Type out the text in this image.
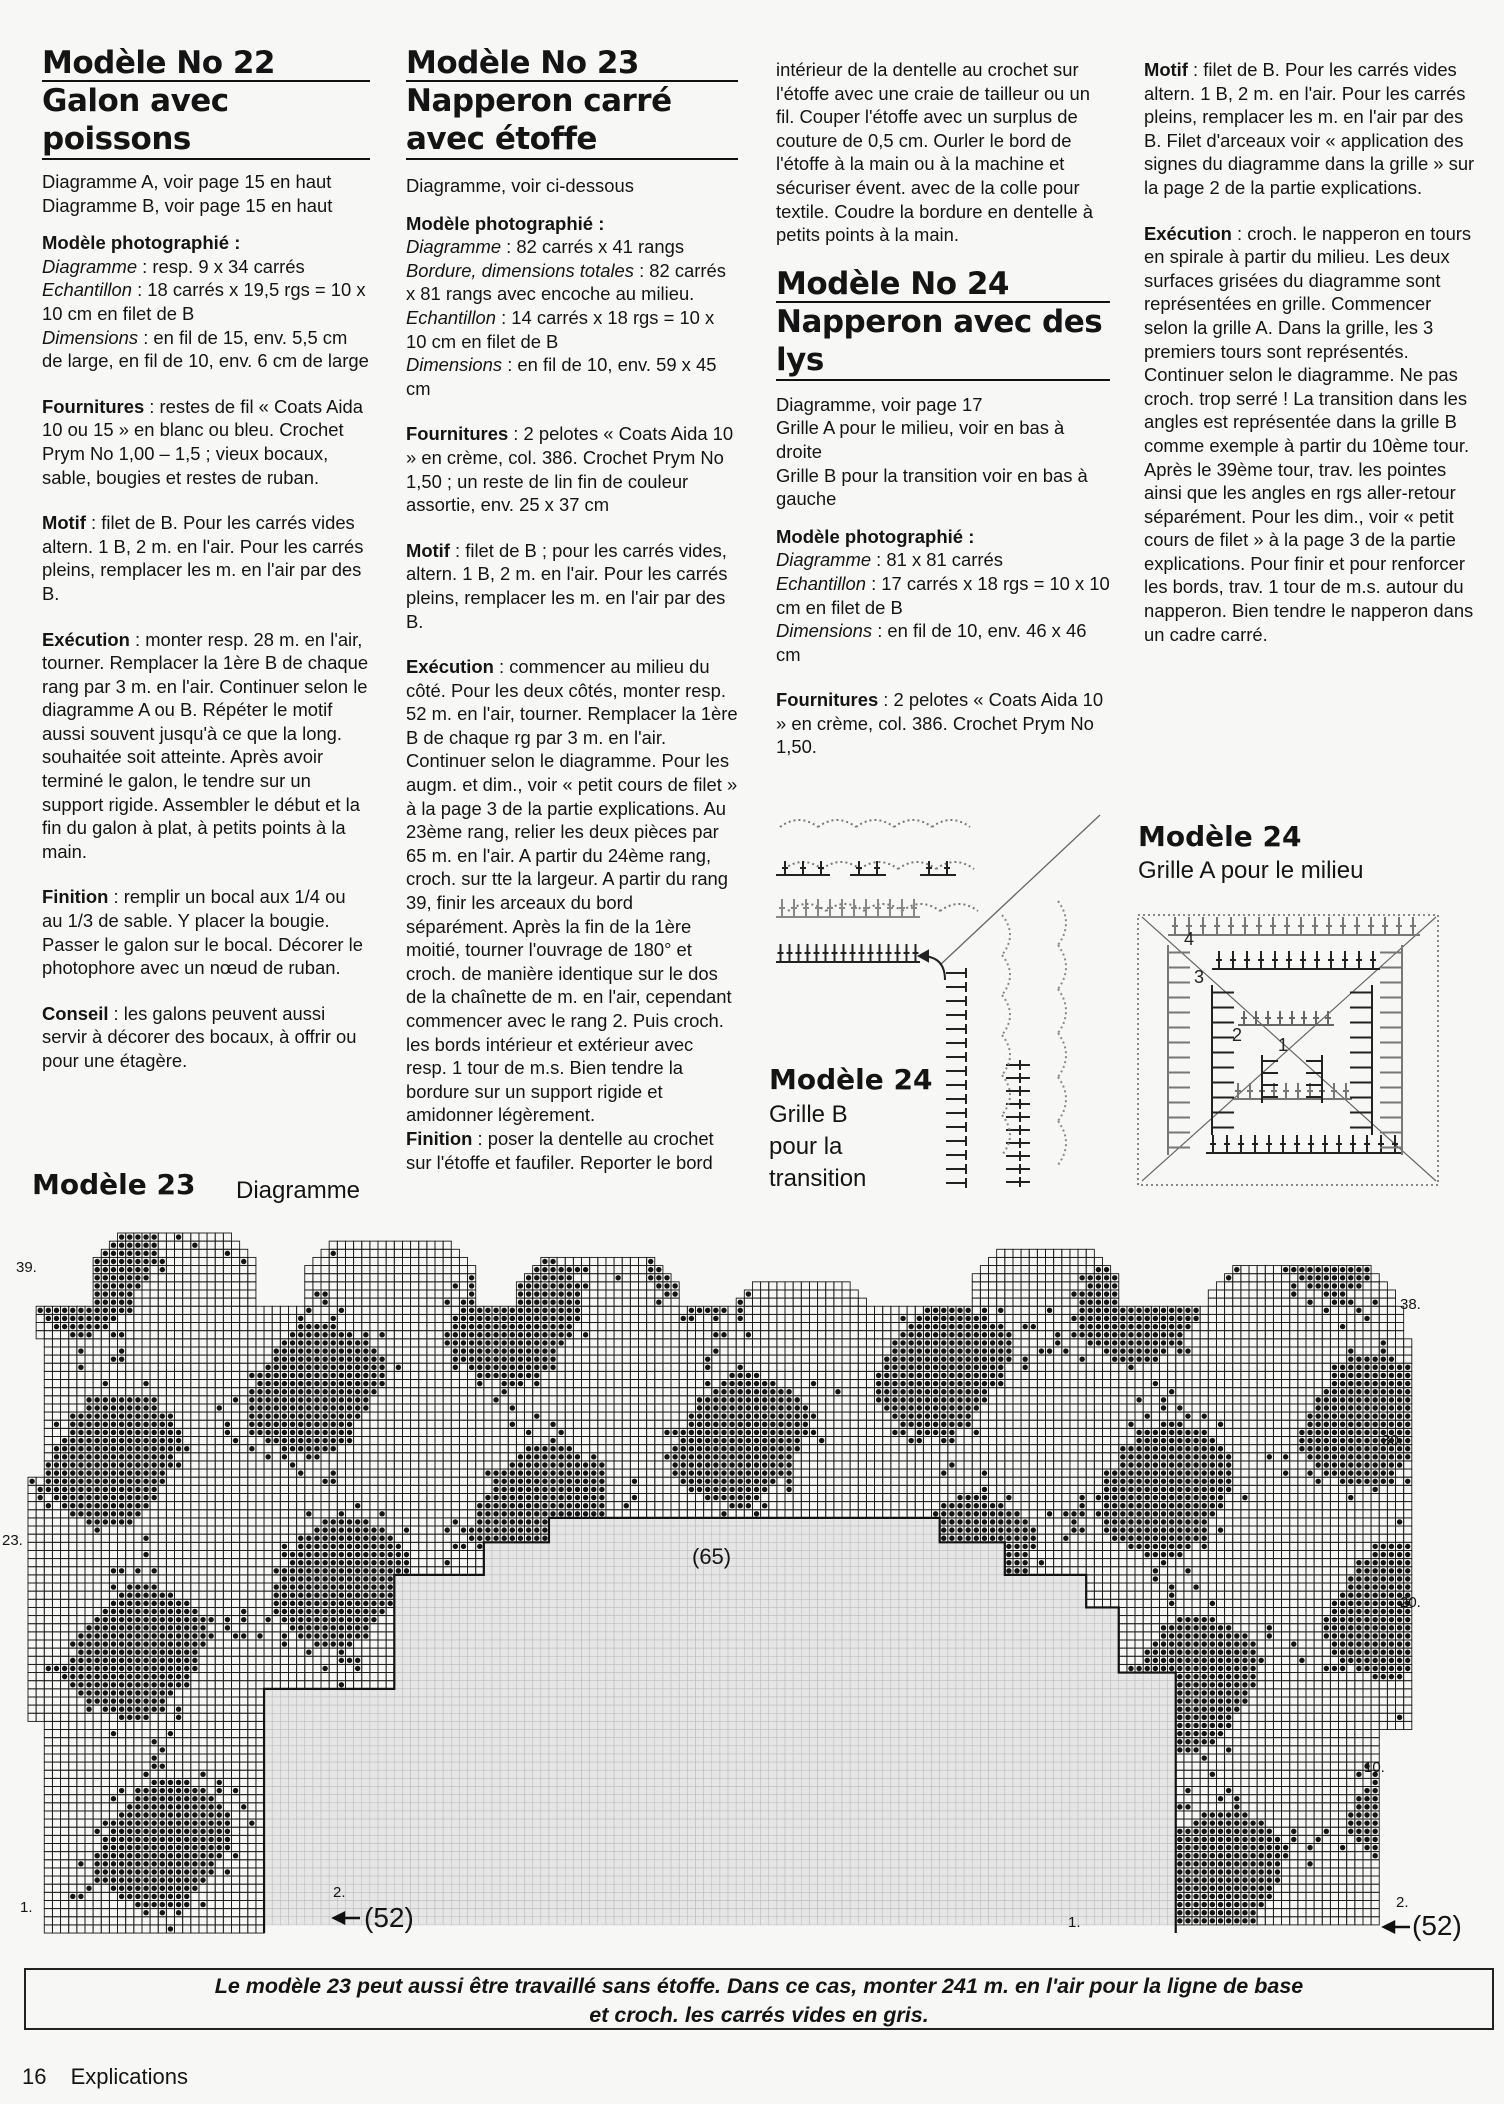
Modèle No 22
Galon avec poissons
Diagramme A, voir page 15 en haut
Diagramme B, voir page 15 en haut
Modèle photographié :
Diagramme : resp. 9 x 34 carrés
Echantillon : 18 carrés x 19,5 rgs = 10 x 10 cm en filet de B
Dimensions : en fil de 15, env. 5,5 cm de large, en fil de 10, env. 6 cm de large
Fournitures : restes de fil « Coats Aida 10 ou 15 » en blanc ou bleu. Crochet Prym No 1,00 – 1,5 ; vieux bocaux, sable, bougies et restes de ruban.
Motif : filet de B. Pour les carrés vides altern. 1 B, 2 m. en l'air. Pour les carrés pleins, remplacer les m. en l'air par des B.
Exécution : monter resp. 28 m. en l'air, tourner. Remplacer la 1ère B de chaque rang par 3 m. en l'air. Continuer selon le diagramme A ou B. Répéter le motif aussi souvent jusqu'à ce que la long. souhaitée soit atteinte. Après avoir terminé le galon, le tendre sur un support rigide. Assembler le début et la fin du galon à plat, à petits points à la main.
Finition : remplir un bocal aux 1/4 ou au 1/3 de sable. Y placer la bougie. Passer le galon sur le bocal. Décorer le photophore avec un nœud de ruban.
Conseil : les galons peuvent aussi servir à décorer des bocaux, à offrir ou pour une étagère.
Modèle No 23
Napperon carré
avec étoffe
Diagramme, voir ci-dessous
Modèle photographié :
Diagramme : 82 carrés x 41 rangs
Bordure, dimensions totales : 82 carrés x 81 rangs avec encoche au milieu.
Echantillon : 14 carrés x 18 rgs = 10 x 10 cm en filet de B
Dimensions : en fil de 10, env. 59 x 45 cm
Fournitures : 2 pelotes « Coats Aida 10 » en crème, col. 386. Crochet Prym No 1,50 ; un reste de lin fin de couleur assortie, env. 25 x 37 cm
Motif : filet de B ; pour les carrés vides, altern. 1 B, 2 m. en l'air. Pour les carrés pleins, remplacer les m. en l'air par des B.
Exécution : commencer au milieu du côté. Pour les deux côtés, monter resp. 52 m. en l'air, tourner. Remplacer la 1ère B de chaque rg par 3 m. en l'air. Continuer selon le diagramme. Pour les augm. et dim., voir « petit cours de filet » à la page 3 de la partie explications. Au 23ème rang, relier les deux pièces par 65 m. en l'air. A partir du 24ème rang, croch. sur tte la largeur. A partir du rang 39, finir les arceaux du bord séparément. Après la fin de la 1ère moitié, tourner l'ouvrage de 180° et croch. de manière identique sur le dos de la chaînette de m. en l'air, cependant commencer avec le rang 2. Puis croch. les bords intérieur et extérieur avec resp. 1 tour de m.s. Bien tendre la bordure sur un support rigide et amidonner légèrement.
Finition : poser la dentelle au crochet sur l'étoffe et faufiler. Reporter le bord
intérieur de la dentelle au crochet sur l'étoffe avec une craie de tailleur ou un fil. Couper l'étoffe avec un surplus de couture de 0,5 cm. Ourler le bord de l'étoffe à la main ou à la machine et sécuriser évent. avec de la colle pour textile. Coudre la bordure en dentelle à petits points à la main.
Modèle No 24
Napperon avec des lys
Diagramme, voir page 17
Grille A pour le milieu, voir en bas à droite
Grille B pour la transition voir en bas à gauche
Modèle photographié :
Diagramme : 81 x 81 carrés
Echantillon : 17 carrés x 18 rgs = 10 x 10 cm en filet de B
Dimensions : en fil de 10, env. 46 x 46 cm
Fournitures : 2 pelotes « Coats Aida 10 » en crème, col. 386. Crochet Prym No 1,50.
Motif : filet de B. Pour les carrés vides altern. 1 B, 2 m. en l'air. Pour les carrés pleins, remplacer les m. en l'air par des B. Filet d'arceaux voir « application des signes du diagramme dans la grille » sur la page 2 de la partie explications.
Exécution : croch. le napperon en tours en spirale à partir du milieu. Les deux surfaces grisées du diagramme sont représentées en grille. Commencer selon la grille A. Dans la grille, les 3 premiers tours sont représentés. Continuer selon le diagramme. Ne pas croch. trop serré ! La transition dans les angles est représentée dans la grille B comme exemple à partir du 10ème tour. Après le 39ème tour, trav. les pointes ainsi que les angles en rgs aller-retour séparément. Pour les dim., voir « petit cours de filet » à la page 3 de la partie explications. Pour finir et pour renforcer les bords, trav. 1 tour de m.s. autour du napperon. Bien tendre le napperon dans un cadre carré.
Modèle 24
Grille B
pour la
transition
Modèle 24
Grille A pour le milieu
4
3
2 1
Modèle 23 Diagramme
39.
23.
1.
38.
30.
20.
10.
1.
2.
2.
(65)
(52)	(52)
Le modèle 23 peut aussi être travaillé sans étoffe. Dans ce cas, monter 241 m. en l'air pour la ligne de base
et croch. les carrés vides en gris.
16 Explications
